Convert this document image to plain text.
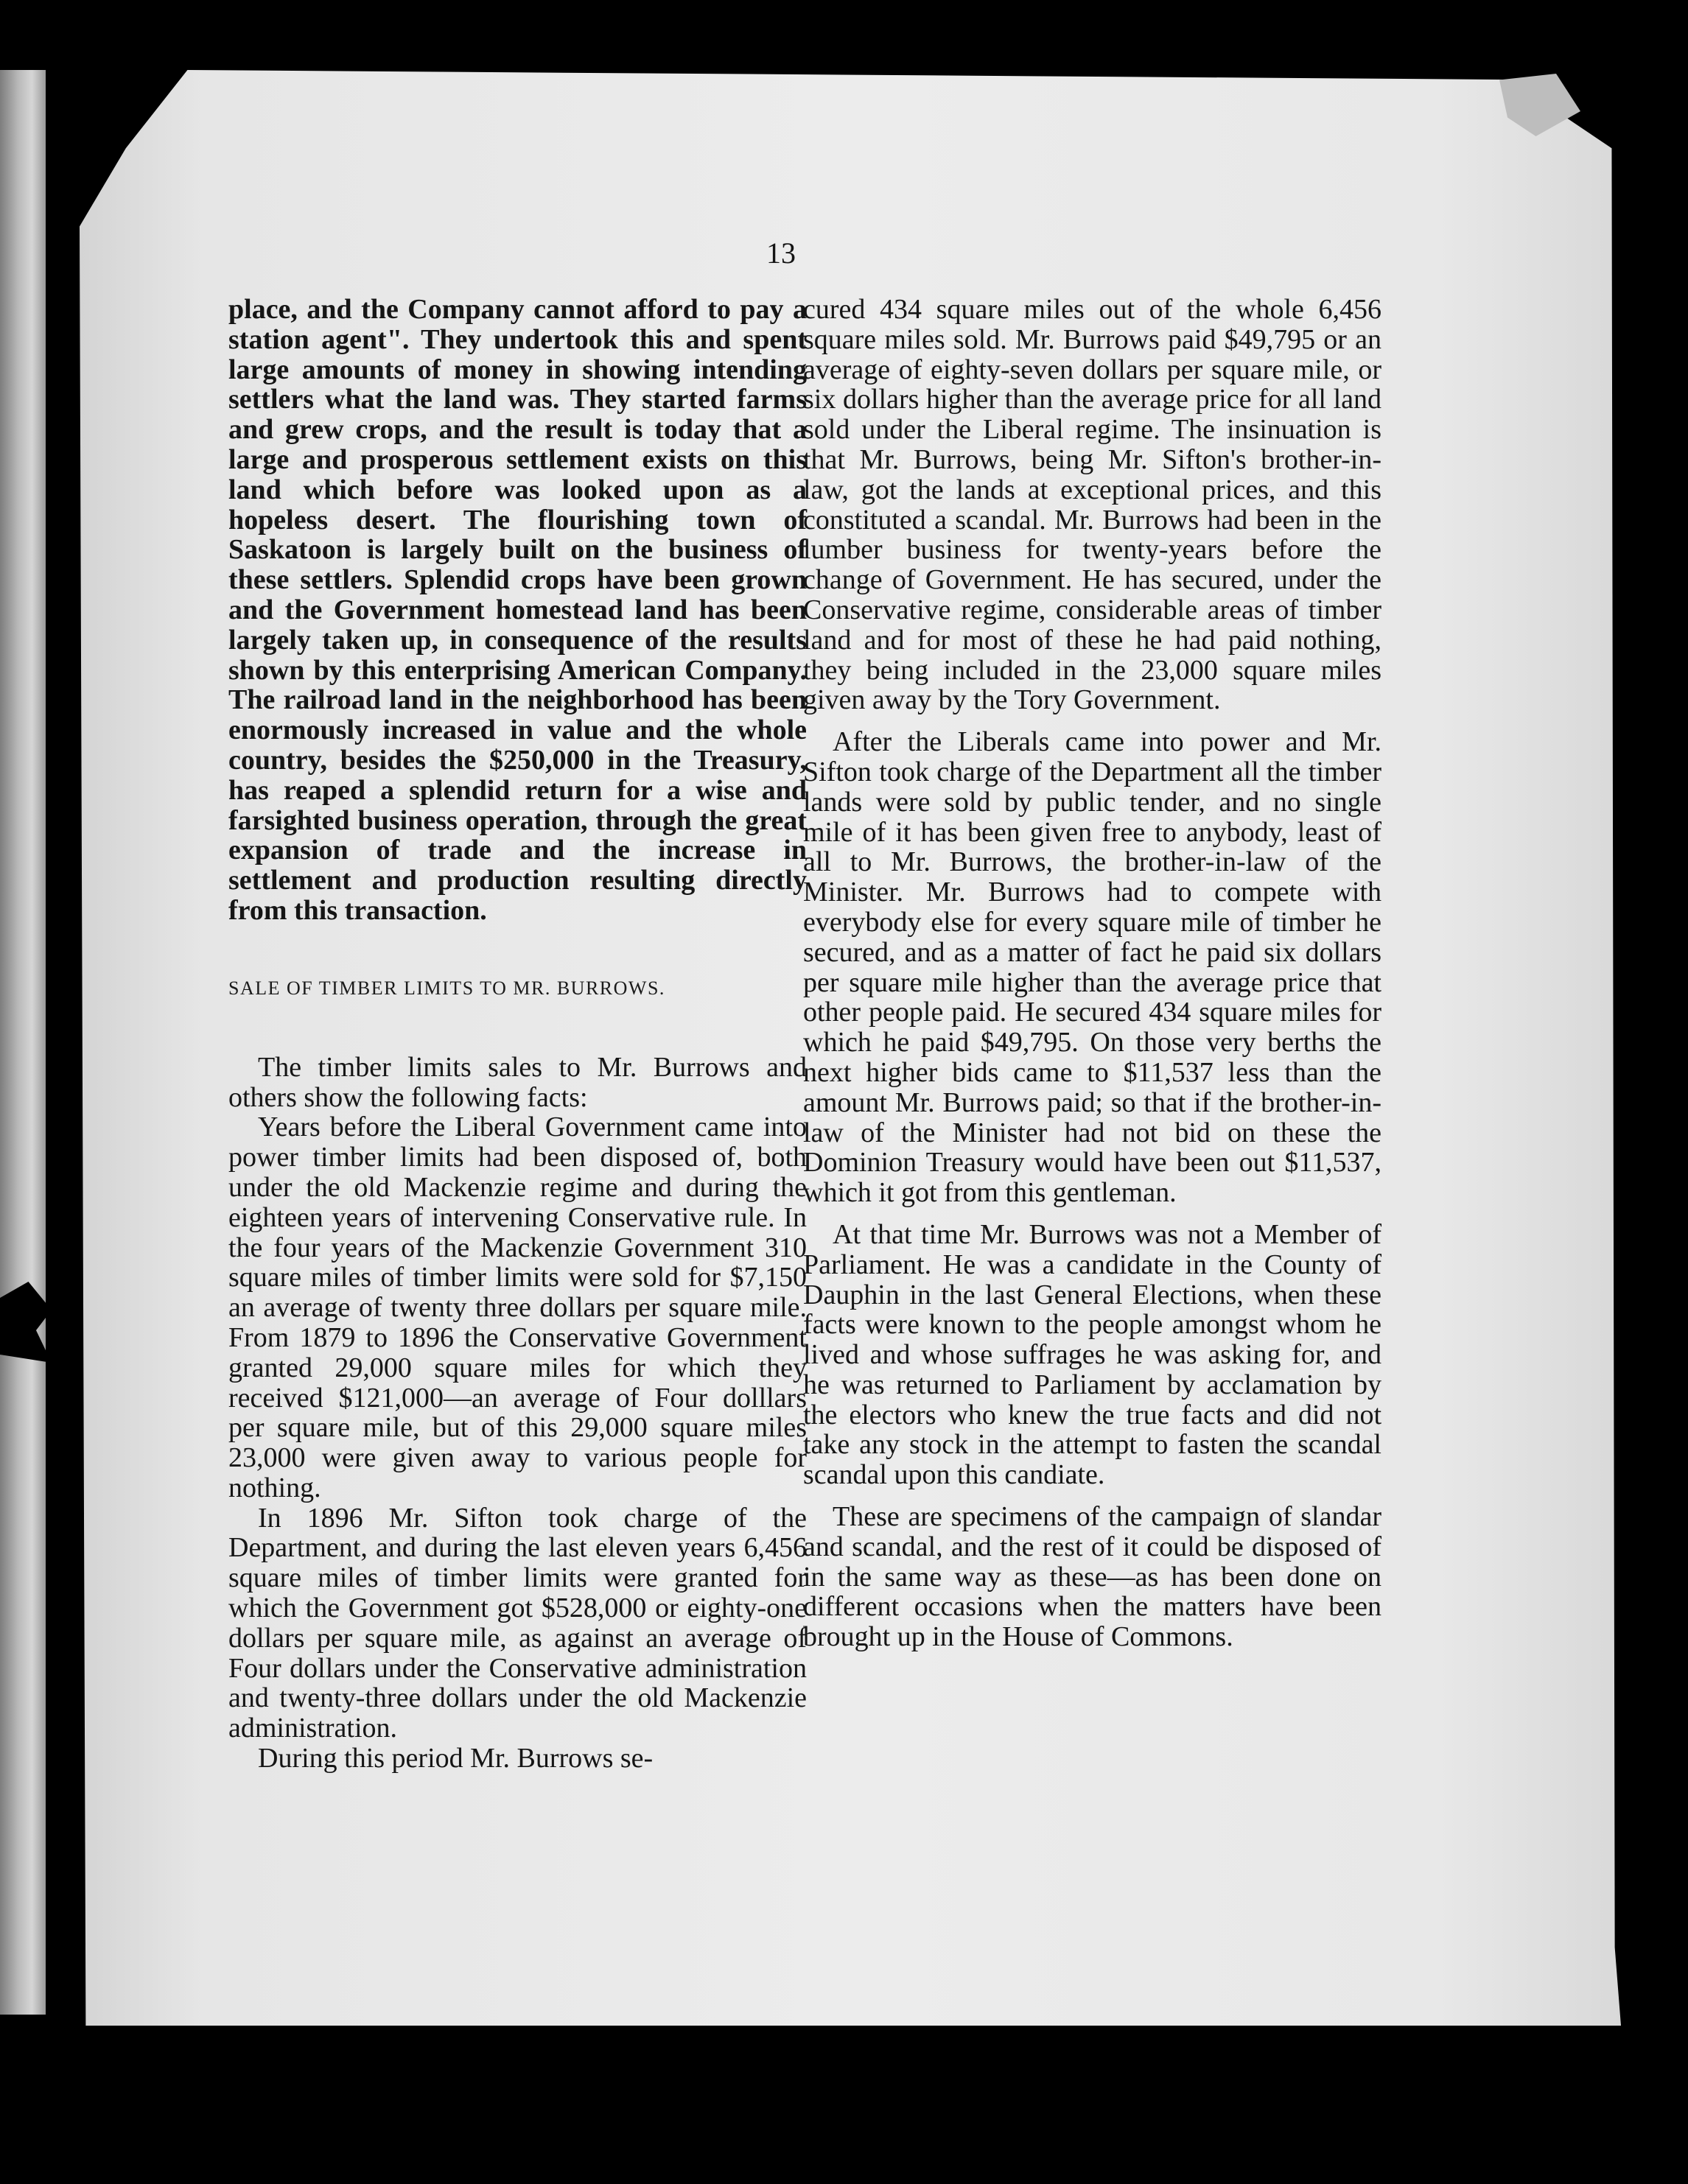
13

place, and the Company cannot afford to pay a station agent". They undertook this and spent large amounts of money in showing intending settlers what the land was. They started farms and grew crops, and the result is today that a large and prosperous settlement exists on this land which before was looked upon as a hopeless desert. The flourishing town of Saskatoon is largely built on the business of these settlers. Splendid crops have been grown and the Government homestead land has been largely taken up, in consequence of the results shown by this enterprising American Company. The railroad land in the neighborhood has been enormously increased in value and the whole country, besides the $250,000 in the Treasury, has reaped a splendid return for a wise and farsighted business operation, through the great expansion of trade and the increase in settlement and production resulting directly from this transaction.

SALE OF TIMBER LIMITS TO MR. BURROWS.

The timber limits sales to Mr. Burrows and others show the following facts:

Years before the Liberal Government came into power timber limits had been disposed of, both under the old Mackenzie regime and during the eighteen years of intervening Conservative rule. In the four years of the Mackenzie Government 310 square miles of timber limits were sold for $7,150 an average of twenty three dollars per square mile. From 1879 to 1896 the Conservative Government granted 29,000 square miles for which they received $121,000—an average of Four dolllars per square mile, but of this 29,000 square miles 23,000 were given away to various people for nothing.

In 1896 Mr. Sifton took charge of the Department, and during the last eleven years 6,456 square miles of timber limits were granted for which the Government got $528,000 or eighty-one dollars per square mile, as against an average of Four dollars under the Conservative administration and twenty-three dollars under the old Mackenzie administration.

During this period Mr. Burrows se-

cured 434 square miles out of the whole 6,456 square miles sold. Mr. Burrows paid $49,795 or an average of eighty-seven dollars per square mile, or six dollars higher than the average price for all land sold under the Liberal regime. The insinuation is that Mr. Burrows, being Mr. Sifton's brother-in-law, got the lands at exceptional prices, and this constituted a scandal. Mr. Burrows had been in the lumber business for twenty-years before the change of Government. He has secured, under the Conservative regime, considerable areas of timber land and for most of these he had paid nothing, they being included in the 23,000 square miles given away by the Tory Government.

After the Liberals came into power and Mr. Sifton took charge of the Department all the timber lands were sold by public tender, and no single mile of it has been given free to anybody, least of all to Mr. Burrows, the brother-in-law of the Minister. Mr. Burrows had to compete with everybody else for every square mile of timber he secured, and as a matter of fact he paid six dollars per square mile higher than the average price that other people paid. He secured 434 square miles for which he paid $49,795. On those very berths the next higher bids came to $11,537 less than the amount Mr. Burrows paid; so that if the brother-in-law of the Minister had not bid on these the Dominion Treasury would have been out $11,537, which it got from this gentleman.

At that time Mr. Burrows was not a Member of Parliament. He was a candidate in the County of Dauphin in the last General Elections, when these facts were known to the people amongst whom he lived and whose suffrages he was asking for, and he was returned to Parliament by acclamation by the electors who knew the true facts and did not take any stock in the attempt to fasten the scandal scandal upon this candiate.

These are specimens of the campaign of slandar and scandal, and the rest of it could be disposed of in the same way as these—as has been done on different occasions when the matters have been brought up in the House of Commons.
